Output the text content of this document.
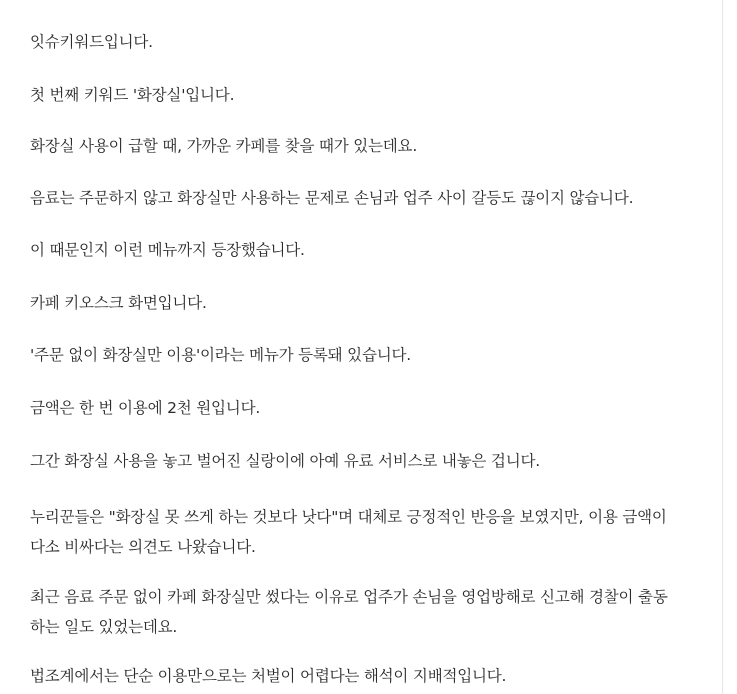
잇슈키워드입니다.

첫 번째 키워드 '화장실'입니다.

화장실 사용이 급할 때, 가까운 카페를 찾을 때가 있는데요.

음료는 주문하지 않고 화장실만 사용하는 문제로 손님과 업주 사이 갈등도 끊이지 않습니다.

이 때문인지 이런 메뉴까지 등장했습니다.

카페 키오스크 화면입니다.

'주문 없이 화장실만 이용'이라는 메뉴가 등록돼 있습니다.

금액은 한 번 이용에 2천 원입니다.

그간 화장실 사용을 놓고 벌어진 실랑이에 아예 유료 서비스로 내놓은 겁니다.

누리꾼들은 "화장실 못 쓰게 하는 것보다 낫다"며 대체로 긍정적인 반응을 보였지만, 이용 금액이
다소 비싸다는 의견도 나왔습니다.

최근 음료 주문 없이 카페 화장실만 썼다는 이유로 업주가 손님을 영업방해로 신고해 경찰이 출동
하는 일도 있었는데요.

법조계에서는 단순 이용만으로는 처벌이 어렵다는 해석이 지배적입니다.
